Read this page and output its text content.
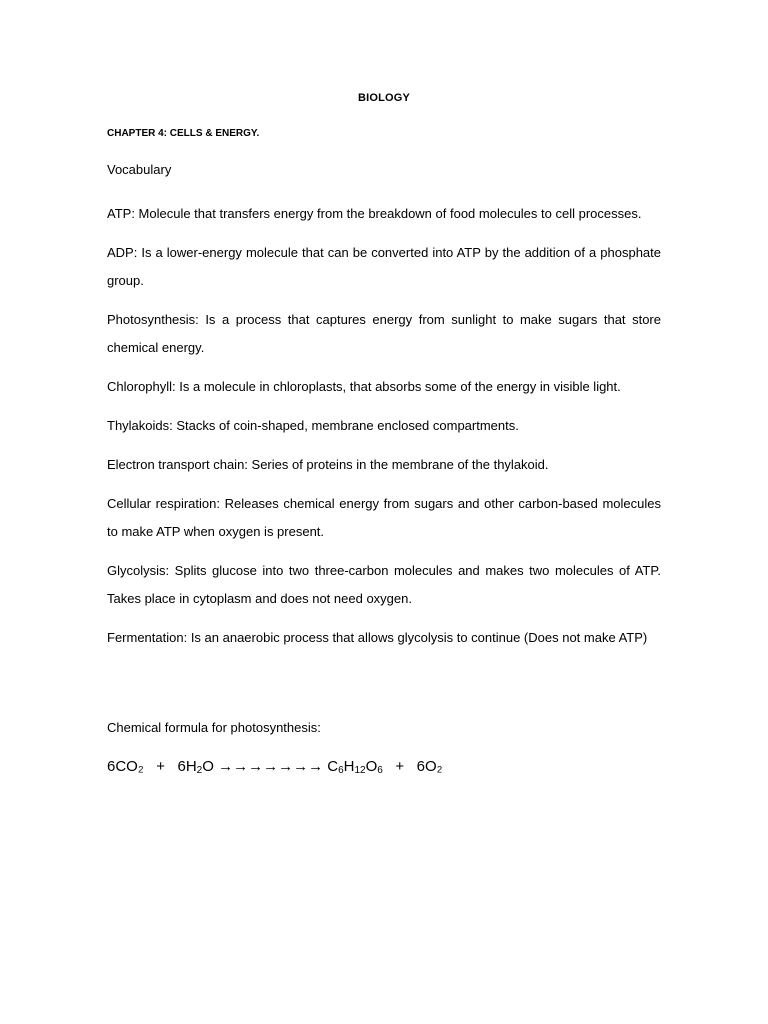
BIOLOGY
CHAPTER 4: CELLS & ENERGY.
Vocabulary

ATP: Molecule that transfers energy from the breakdown of food molecules to cell processes.

ADP: Is a lower-energy molecule that can be converted into ATP by the addition of a phosphate group.

Photosynthesis: Is a process that captures energy from sunlight to make sugars that store chemical energy.

Chlorophyll: Is a molecule in chloroplasts, that absorbs some of the energy in visible light.

Thylakoids: Stacks of coin-shaped, membrane enclosed compartments.

Electron transport chain: Series of proteins in the membrane of the thylakoid.

Cellular respiration: Releases chemical energy from sugars and other carbon-based molecules to make ATP when oxygen is present.

Glycolysis: Splits glucose into two three-carbon molecules and makes two molecules of ATP. Takes place in cytoplasm and does not need oxygen.

Fermentation: Is an anaerobic process that allows glycolysis to continue (Does not make ATP)

Chemical formula for photosynthesis:
$6CO_2 + 6H_2O$ →→→→→→→ $C_6H_{12}O_6 + 6O_2$
